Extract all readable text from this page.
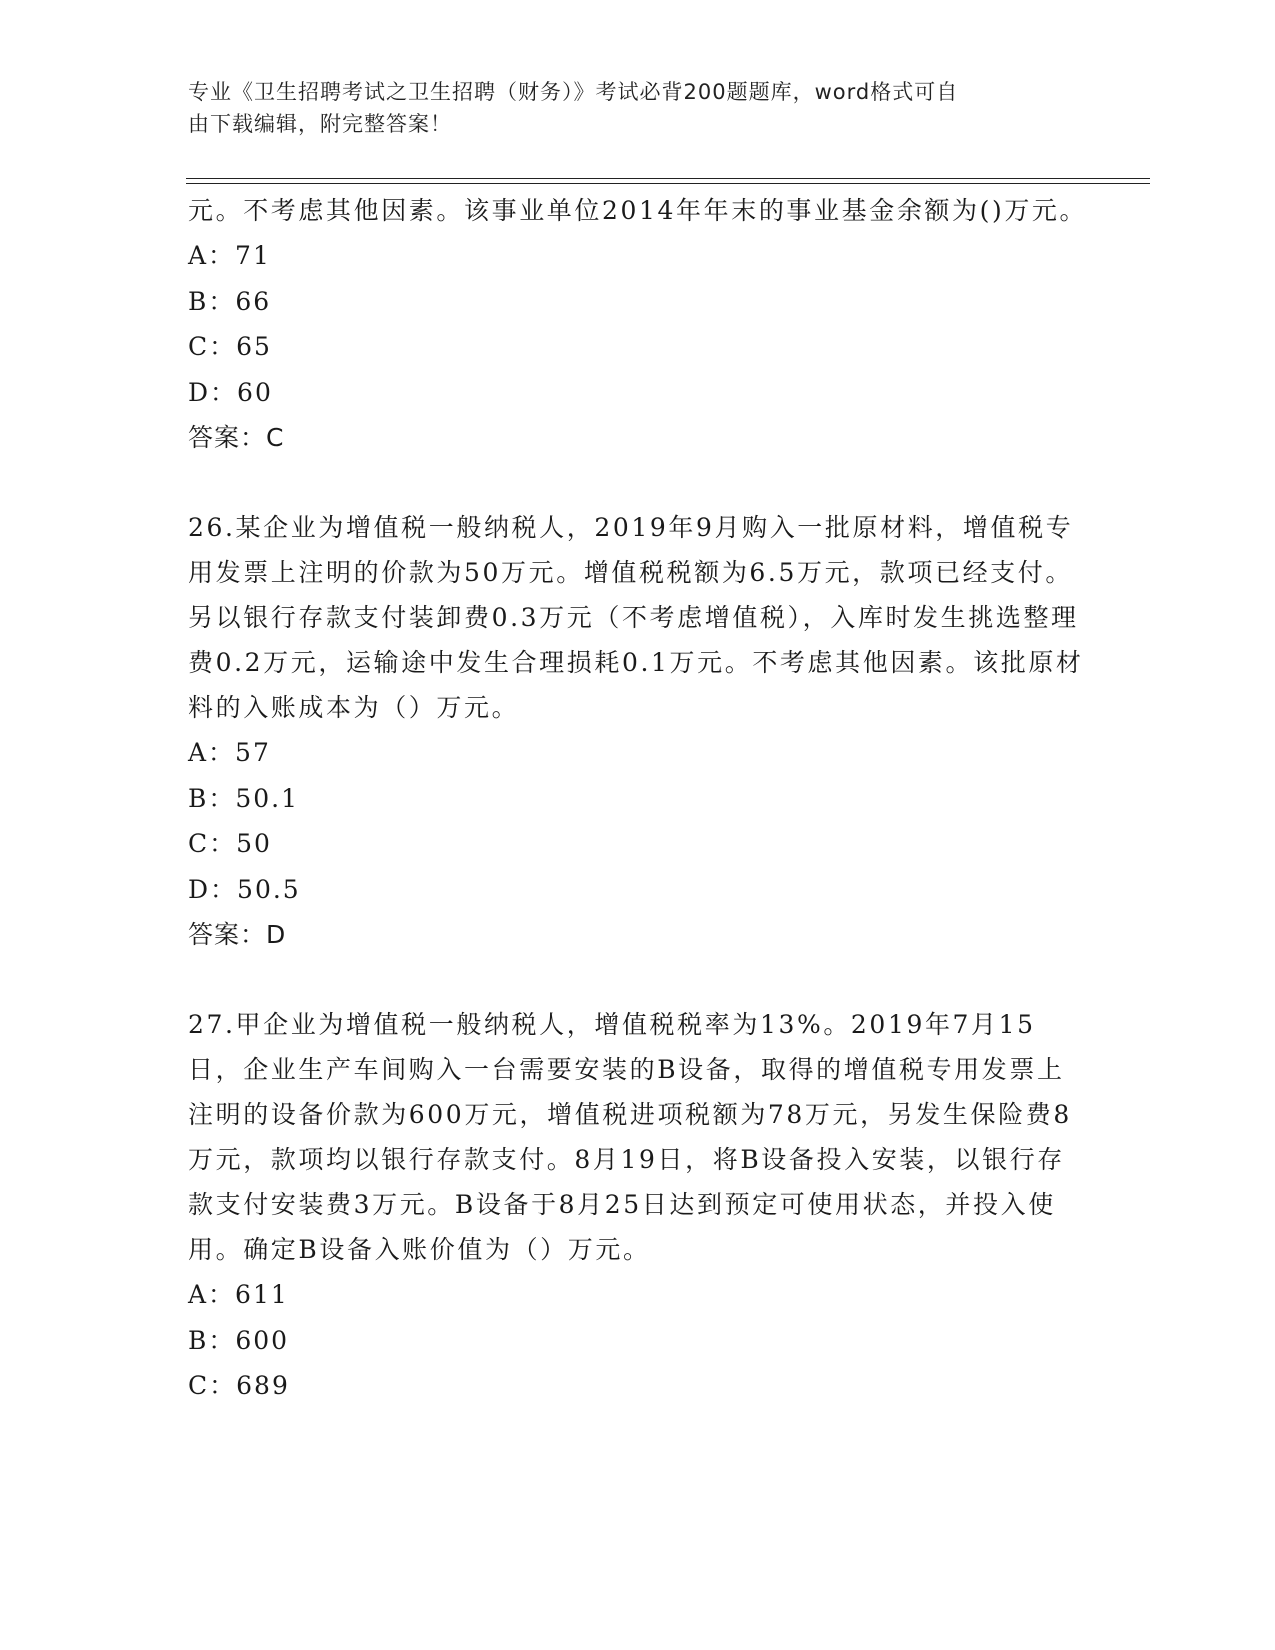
专业《卫生招聘考试之卫生招聘（财务）》考试必背200题题库，word格式可自
由下载编辑，附完整答案！

元。不考虑其他因素。该事业单位2014年年末的事业基金余额为()万元。

A：71

B：66

C：65

D：60

答案：C

26.某企业为增值税一般纳税人，2019年9月购入一批原材料，增值税专用发票上注明的价款为50万元。增值税税额为6.5万元，款项已经支付。另以银行存款支付装卸费0.3万元（不考虑增值税），入库时发生挑选整理费0.2万元，运输途中发生合理损耗0.1万元。不考虑其他因素。该批原材料的入账成本为（）万元。

A：57

B：50.1

C：50

D：50.5

答案：D

27.甲企业为增值税一般纳税人，增值税税率为13%。2019年7月15日，企业生产车间购入一台需要安装的B设备，取得的增值税专用发票上注明的设备价款为600万元，增值税进项税额为78万元，另发生保险费8万元，款项均以银行存款支付。8月19日，将B设备投入安装，以银行存款支付安装费3万元。B设备于8月25日达到预定可使用状态，并投入使用。确定B设备入账价值为（）万元。

A：611

B：600

C：689
